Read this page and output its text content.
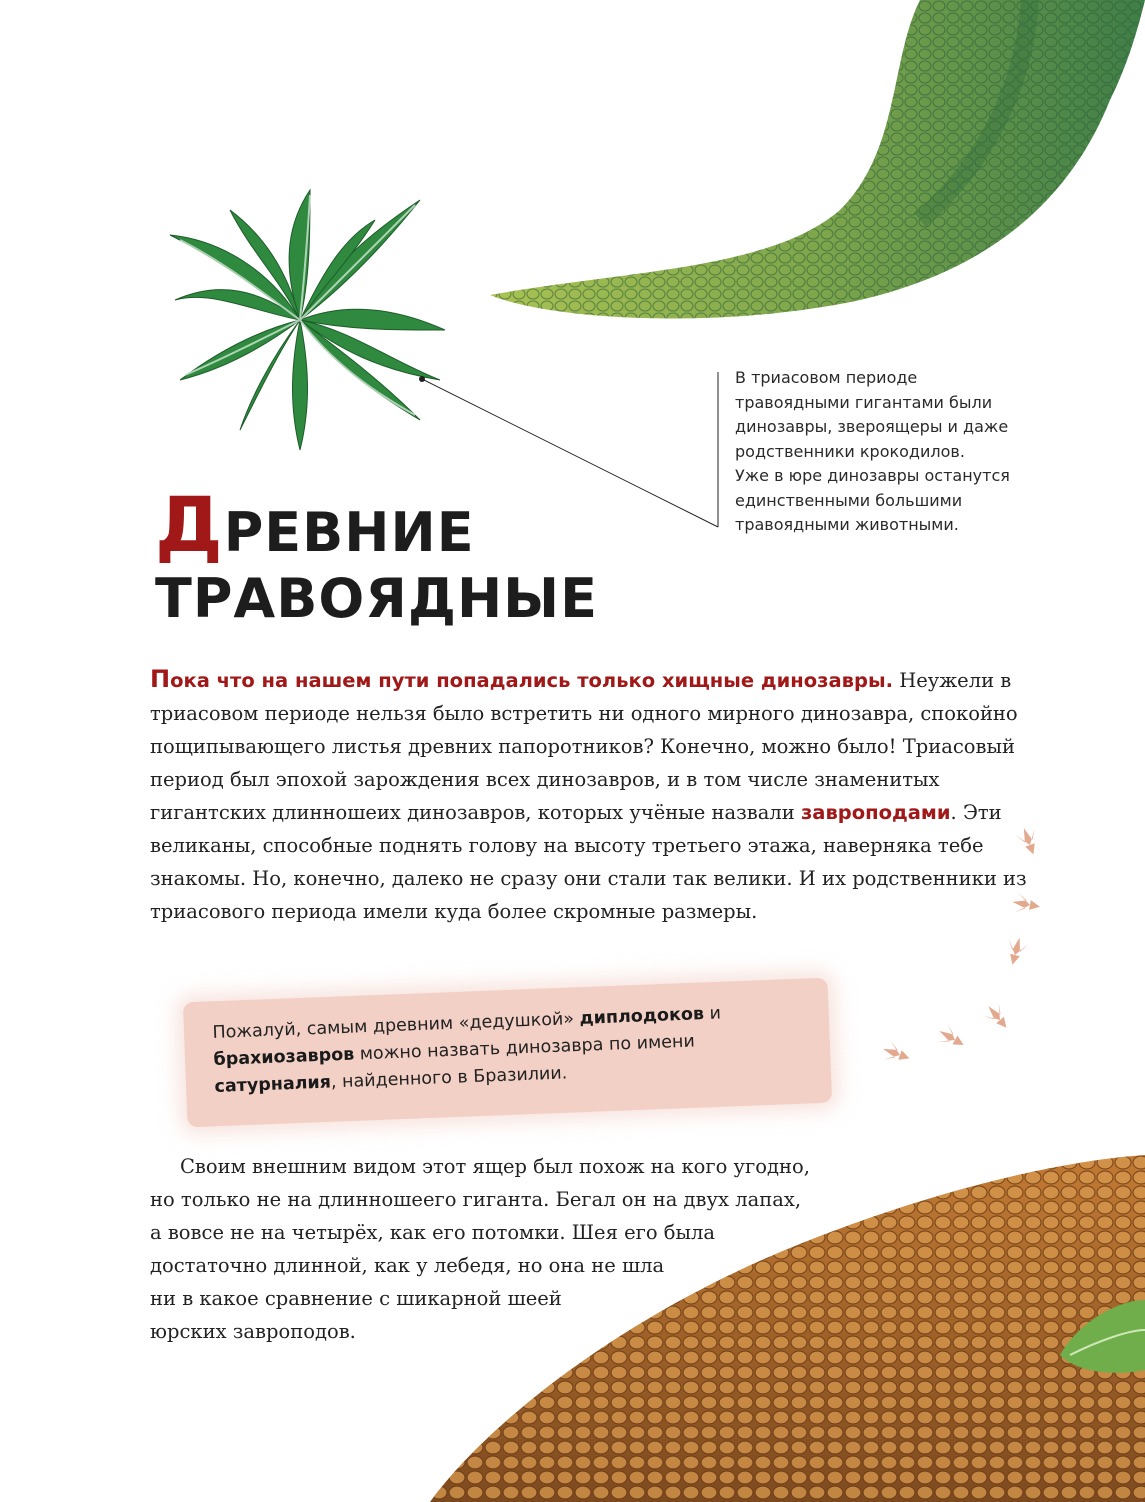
В триасовом периоде
травоядными гигантами были
динозавры, звероящеры и даже
родственники крокодилов.
Уже в юре динозавры останутся
единственными большими
травоядными животными.
ДРЕВНИЕ
ТРАВОЯДНЫЕ
Пока что на нашем пути попадались только хищные динозавры. Неужели в триасовом периоде нельзя было встретить ни одного мирного динозавра, спокойно пощипывающего листья древних папоротников? Конечно, можно было! Триасовый период был эпохой зарождения всех динозавров, и в том числе знаменитых гигантских длинношеих динозавров, которых учёные назвали завроподами. Эти великаны, способные поднять голову на высоту третьего этажа, наверняка тебе знакомы. Но, конечно, далеко не сразу они стали так велики. И их родственники из триасового периода имели куда более скромные размеры.
Пожалуй, самым древним «дедушкой» диплодоков и брахиозавров можно назвать динозавра по имени сатурналия, найденного в Бразилии.
Своим внешним видом этот ящер был похож на кого угодно,
но только не на длинношеего гиганта. Бегал он на двух лапах,
а вовсе не на четырёх, как его потомки. Шея его была
достаточно длинной, как у лебедя, но она не шла
ни в какое сравнение с шикарной шеей
юрских завроподов.
